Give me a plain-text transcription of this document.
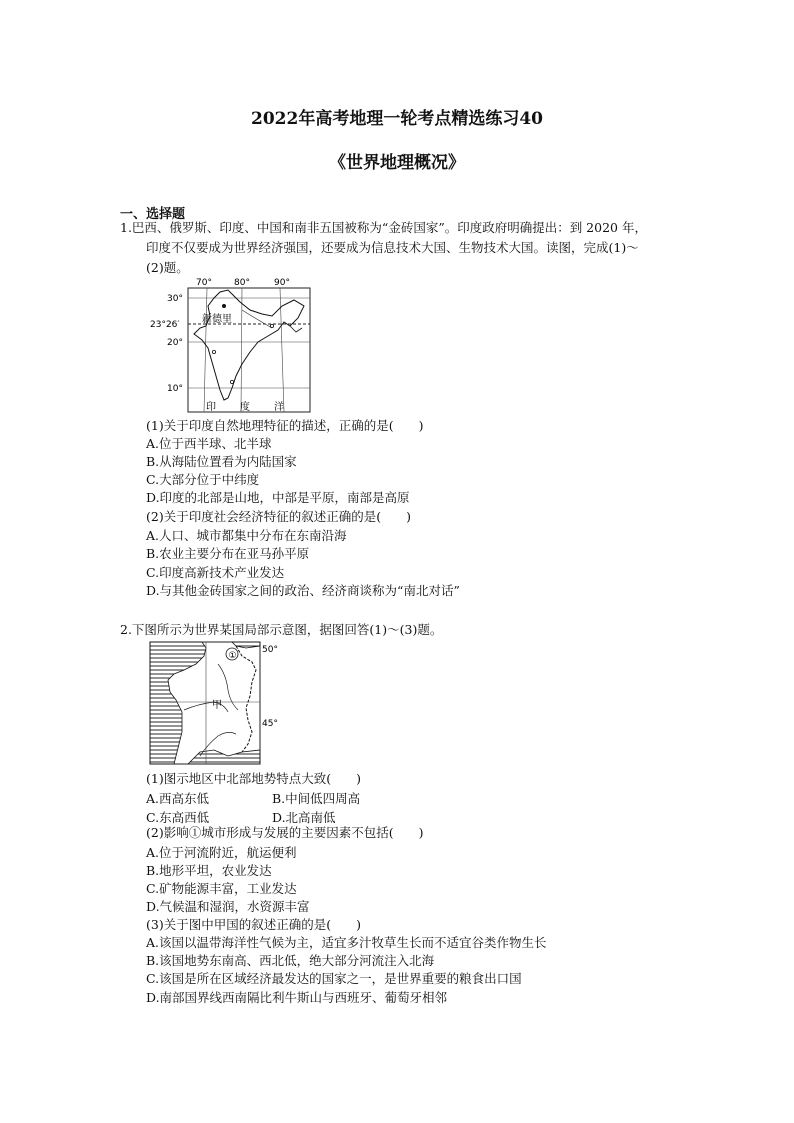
2022年高考地理一轮考点精选练习40
《世界地理概况》
一、选择题
1.巴西、俄罗斯、印度、中国和南非五国被称为“金砖国家”。印度政府明确提出：到 2020 年，
印度不仅要成为世界经济强国，还要成为信息技术大国、生物技术大国。读图，完成(1)～
(2)题。
70° 80°	90°
30°
23°26′
20°
10°
新德里
印 度 洋
(1)关于印度自然地理特征的描述，正确的是(　　)
A.位于西半球、北半球
B.从海陆位置看为内陆国家
C.大部分位于中纬度
D.印度的北部是山地，中部是平原，南部是高原
(2)关于印度社会经济特征的叙述正确的是(　　)
A.人口、城市都集中分布在东南沿海
B.农业主要分布在亚马孙平原
C.印度高新技术产业发达
D.与其他金砖国家之间的政治、经济商谈称为“南北对话”
2.下图所示为世界某国局部示意图，据图回答(1)～(3)题。
①
甲
50°
45°
(1)图示地区中北部地势特点大致(　　)
A.西高东低	B.中间低四周高
C.东高西低	D.北高南低
(2)影响①城市形成与发展的主要因素不包括(　　)
A.位于河流附近，航运便利
B.地形平坦，农业发达
C.矿物能源丰富，工业发达
D.气候温和湿润，水资源丰富
(3)关于图中甲国的叙述正确的是(　　)
A.该国以温带海洋性气候为主，适宜多汁牧草生长而不适宜谷类作物生长
B.该国地势东南高、西北低，绝大部分河流注入北海
C.该国是所在区域经济最发达的国家之一，是世界重要的粮食出口国
D.南部国界线西南隔比利牛斯山与西班牙、葡萄牙相邻
